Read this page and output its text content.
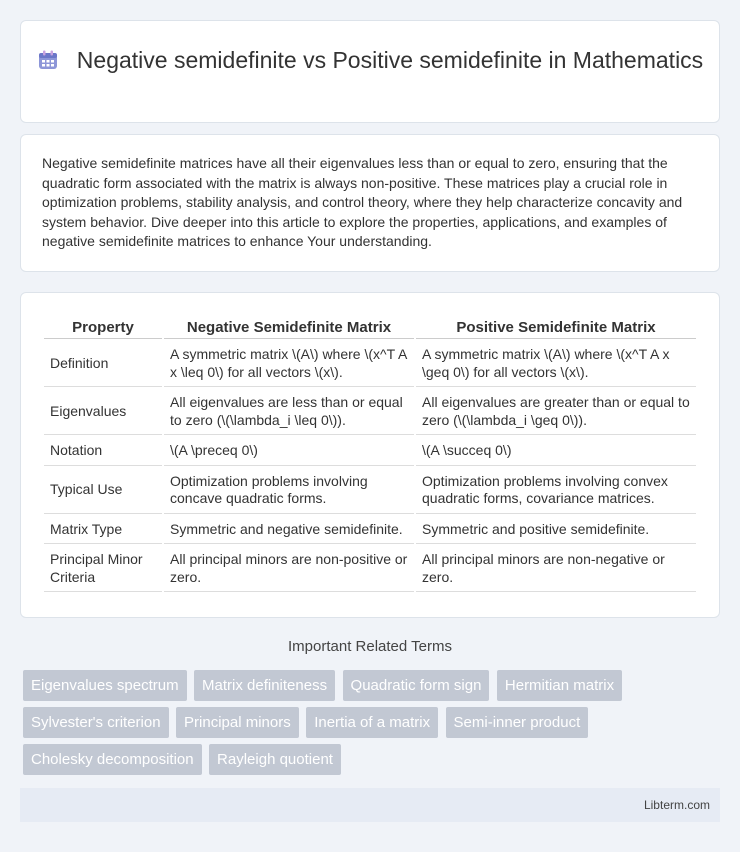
Negative semidefinite vs Positive semidefinite in Mathematics

Negative semidefinite matrices have all their eigenvalues less than or equal to zero, ensuring that the quadratic form associated with the matrix is always non-positive. These matrices play a crucial role in optimization problems, stability analysis, and control theory, where they help characterize concavity and system behavior. Dive deeper into this article to explore the properties, applications, and examples of negative semidefinite matrices to enhance Your understanding.

Property	Negative Semidefinite Matrix	Positive Semidefinite Matrix
Definition	A symmetric matrix \(A\) where \(x^T A x \leq 0\) for all vectors \(x\).	A symmetric matrix \(A\) where \(x^T A x \geq 0\) for all vectors \(x\).
Eigenvalues	All eigenvalues are less than or equal to zero (\(\lambda_i \leq 0\)).	All eigenvalues are greater than or equal to zero (\(\lambda_i \geq 0\)).
Notation	\(A \preceq 0\)	\(A \succeq 0\)
Typical Use	Optimization problems involving concave quadratic forms.	Optimization problems involving convex quadratic forms, covariance matrices.
Matrix Type	Symmetric and negative semidefinite.	Symmetric and positive semidefinite.
Principal Minor Criteria	All principal minors are non-positive or zero.	All principal minors are non-negative or zero.
Important Related Terms
Eigenvalues spectrum Matrix definiteness Quadratic form sign Hermitian matrix Sylvester's criterion Principal minors Inertia of a matrix Semi-inner product Cholesky decomposition Rayleigh quotient
Libterm.com
